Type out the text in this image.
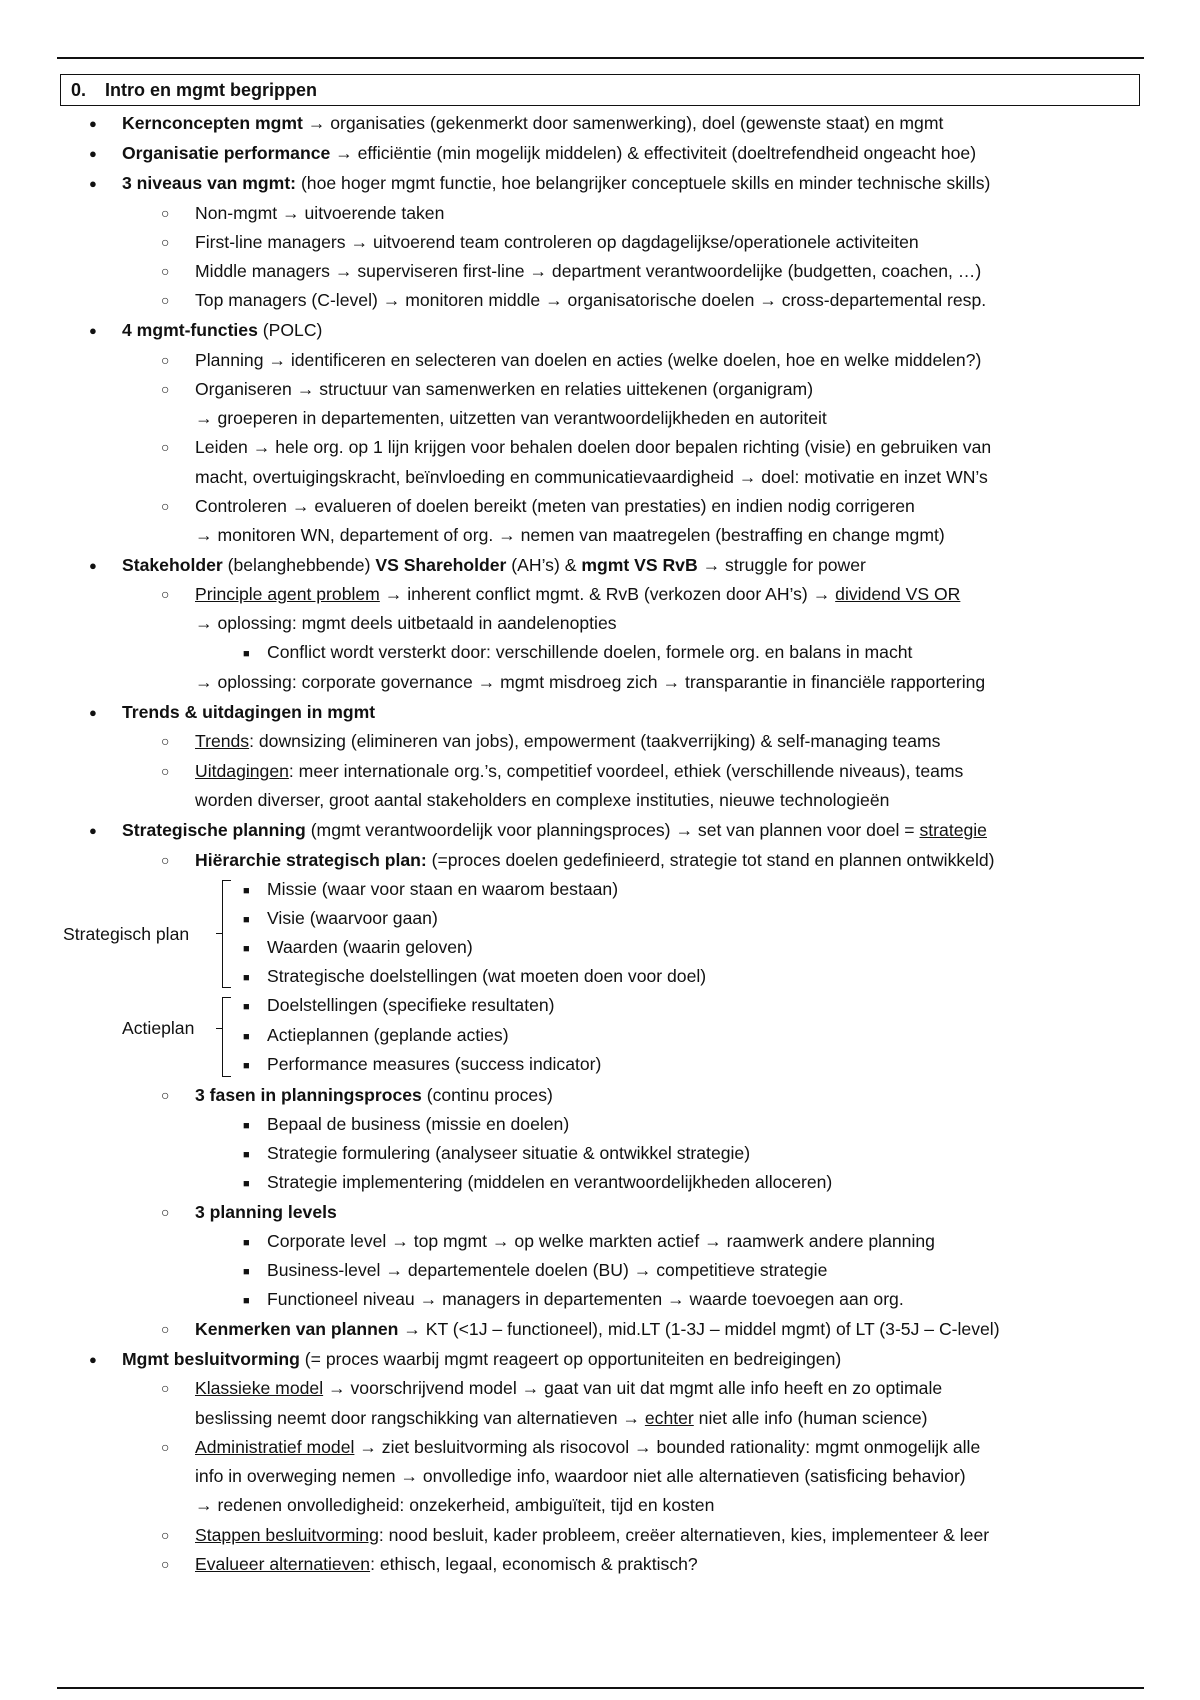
0. Intro en mgmt begrippen
● Kernconcepten mgmt → organisaties (gekenmerkt door samenwerking), doel (gewenste staat) en mgmt
● Organisatie performance → efficiëntie (min mogelijk middelen) & effectiviteit (doeltrefendheid ongeacht hoe)
● 3 niveaus van mgmt: (hoe hoger mgmt functie, hoe belangrijker conceptuele skills en minder technische skills)
○ Non-mgmt → uitvoerende taken
○ First-line managers → uitvoerend team controleren op dagdagelijkse/operationele activiteiten
○ Middle managers → superviseren first-line → department verantwoordelijke (budgetten, coachen, …)
○ Top managers (C-level) → monitoren middle → organisatorische doelen → cross-departemental resp.
● 4 mgmt-functies (POLC)
○ Planning → identificeren en selecteren van doelen en acties (welke doelen, hoe en welke middelen?)
○ Organiseren → structuur van samenwerken en relaties uittekenen (organigram)
→ groeperen in departementen, uitzetten van verantwoordelijkheden en autoriteit
○ Leiden → hele org. op 1 lijn krijgen voor behalen doelen door bepalen richting (visie) en gebruiken van
macht, overtuigingskracht, beïnvloeding en communicatievaardigheid → doel: motivatie en inzet WN’s
○ Controleren → evalueren of doelen bereikt (meten van prestaties) en indien nodig corrigeren
→ monitoren WN, departement of org. → nemen van maatregelen (bestraffing en change mgmt)
● Stakeholder (belanghebbende) VS Shareholder (AH’s) & mgmt VS RvB → struggle for power
○ Principle agent problem → inherent conflict mgmt. & RvB (verkozen door AH’s) → dividend VS OR
→ oplossing: mgmt deels uitbetaald in aandelenopties
■ Conflict wordt versterkt door: verschillende doelen, formele org. en balans in macht
→ oplossing: corporate governance → mgmt misdroeg zich → transparantie in financiële rapportering
● Trends & uitdagingen in mgmt
○ Trends: downsizing (elimineren van jobs), empowerment (taakverrijking) & self-managing teams
○ Uitdagingen: meer internationale org.’s, competitief voordeel, ethiek (verschillende niveaus), teams
worden diverser, groot aantal stakeholders en complexe instituties, nieuwe technologieën
● Strategische planning (mgmt verantwoordelijk voor planningsproces) → set van plannen voor doel = strategie
○ Hiërarchie strategisch plan: (=proces doelen gedefinieerd, strategie tot stand en plannen ontwikkeld)
Strategisch plan
■ Missie (waar voor staan en waarom bestaan)
■ Visie (waarvoor gaan)
■ Waarden (waarin geloven)
■ Strategische doelstellingen (wat moeten doen voor doel)
Actieplan
■ Doelstellingen (specifieke resultaten)
■ Actieplannen (geplande acties)
■ Performance measures (success indicator)
○ 3 fasen in planningsproces (continu proces)
■ Bepaal de business (missie en doelen)
■ Strategie formulering (analyseer situatie & ontwikkel strategie)
■ Strategie implementering (middelen en verantwoordelijkheden alloceren)
○ 3 planning levels
■ Corporate level → top mgmt → op welke markten actief → raamwerk andere planning
■ Business-level → departementele doelen (BU) → competitieve strategie
■ Functioneel niveau → managers in departementen → waarde toevoegen aan org.
○ Kenmerken van plannen → KT (<1J – functioneel), mid.LT (1-3J – middel mgmt) of LT (3-5J – C-level)
● Mgmt besluitvorming (= proces waarbij mgmt reageert op opportuniteiten en bedreigingen)
○ Klassieke model → voorschrijvend model → gaat van uit dat mgmt alle info heeft en zo optimale
beslissing neemt door rangschikking van alternatieven → echter niet alle info (human science)
○ Administratief model → ziet besluitvorming als risocovol → bounded rationality: mgmt onmogelijk alle
info in overweging nemen → onvolledige info, waardoor niet alle alternatieven (satisficing behavior)
→ redenen onvolledigheid: onzekerheid, ambiguïteit, tijd en kosten
○ Stappen besluitvorming: nood besluit, kader probleem, creëer alternatieven, kies, implementeer & leer
○ Evalueer alternatieven: ethisch, legaal, economisch & praktisch?
